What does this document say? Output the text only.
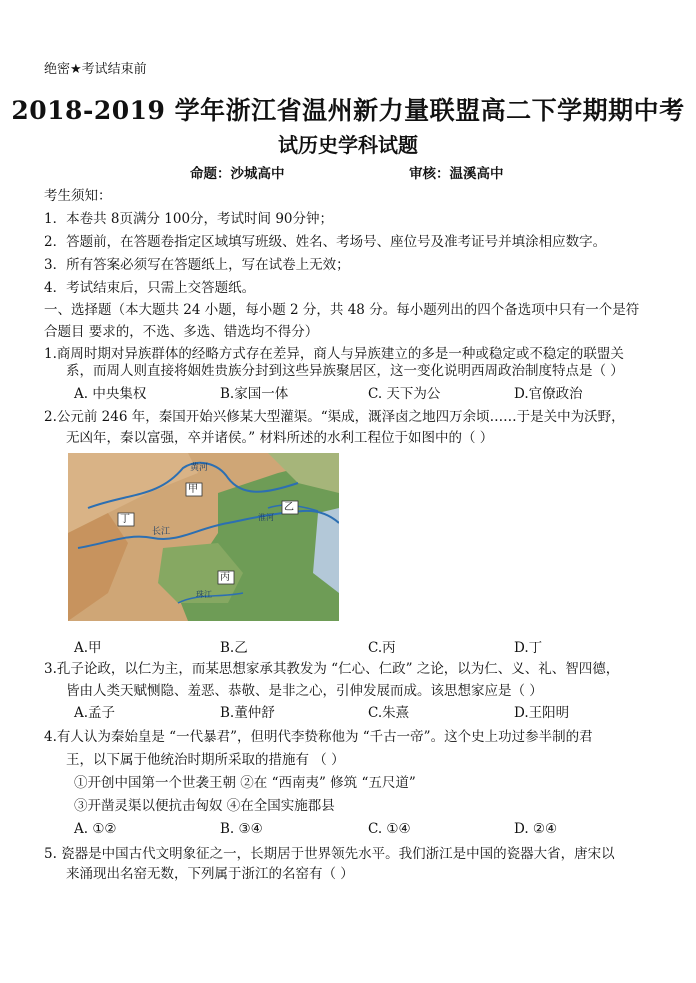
绝密★考试结束前
2018-2019 学年浙江省温州新力量联盟高二下学期期中考
试历史学科试题
命题：沙城高中	审核：温溪高中
考生须知：
1．本卷共 8页满分 100分，考试时间 90分钟；
2．答题前，在答题卷指定区域填写班级、姓名、考场号、座位号及准考证号并填涂相应数字。
3．所有答案必须写在答题纸上，写在试卷上无效；
4．考试结束后，只需上交答题纸。
一、选择题（本大题共 24 小题，每小题 2 分，共 48 分。每小题列出的四个备选项中只有一个是符
合题目 要求的，不选、多选、错选均不得分）
1.商周时期对异族群体的经略方式存在差异，商人与异族建立的多是一种或稳定或不稳定的联盟关
系，而周人则直接将姻姓贵族分封到这些异族聚居区，这一变化说明西周政治制度特点是（ ）
A. 中央集权	B.家国一体	C. 天下为公	D.官僚政治
2.公元前 246 年，秦国开始兴修某大型灌渠。“渠成，溉泽卤之地四万余顷……于是关中为沃野，
无凶年，秦以富强，卒并诸侯。” 材料所述的水利工程位于如图中的（ ）
黄河
甲
乙
丙
丁
长江
淮河
珠江
A.甲	B.乙	C.丙	D.丁
3.孔子论政，以仁为主，而某思想家承其教发为 “仁心、仁政” 之论，以为仁、义、礼、智四德，
皆由人类天赋恻隐、羞恶、恭敬、是非之心，引伸发展而成。该思想家应是（ ）
A.孟子	B.董仲舒	C.朱熹	D.王阳明
4.有人认为秦始皇是 “一代暴君”，但明代李贽称他为 “千古一帝”。这个史上功过参半制的君
王，以下属于他统治时期所采取的措施有 （ ）
①开创中国第一个世袭王朝 ②在 “西南夷” 修筑 “五尺道”
③开凿灵渠以便抗击匈奴 ④在全国实施郡县
A. ①②	B. ③④	C. ①④	D. ②④
5. 瓷器是中国古代文明象征之一，长期居于世界领先水平。我们浙江是中国的瓷器大省，唐宋以
来涌现出名窑无数，下列属于浙江的名窑有（ ）
